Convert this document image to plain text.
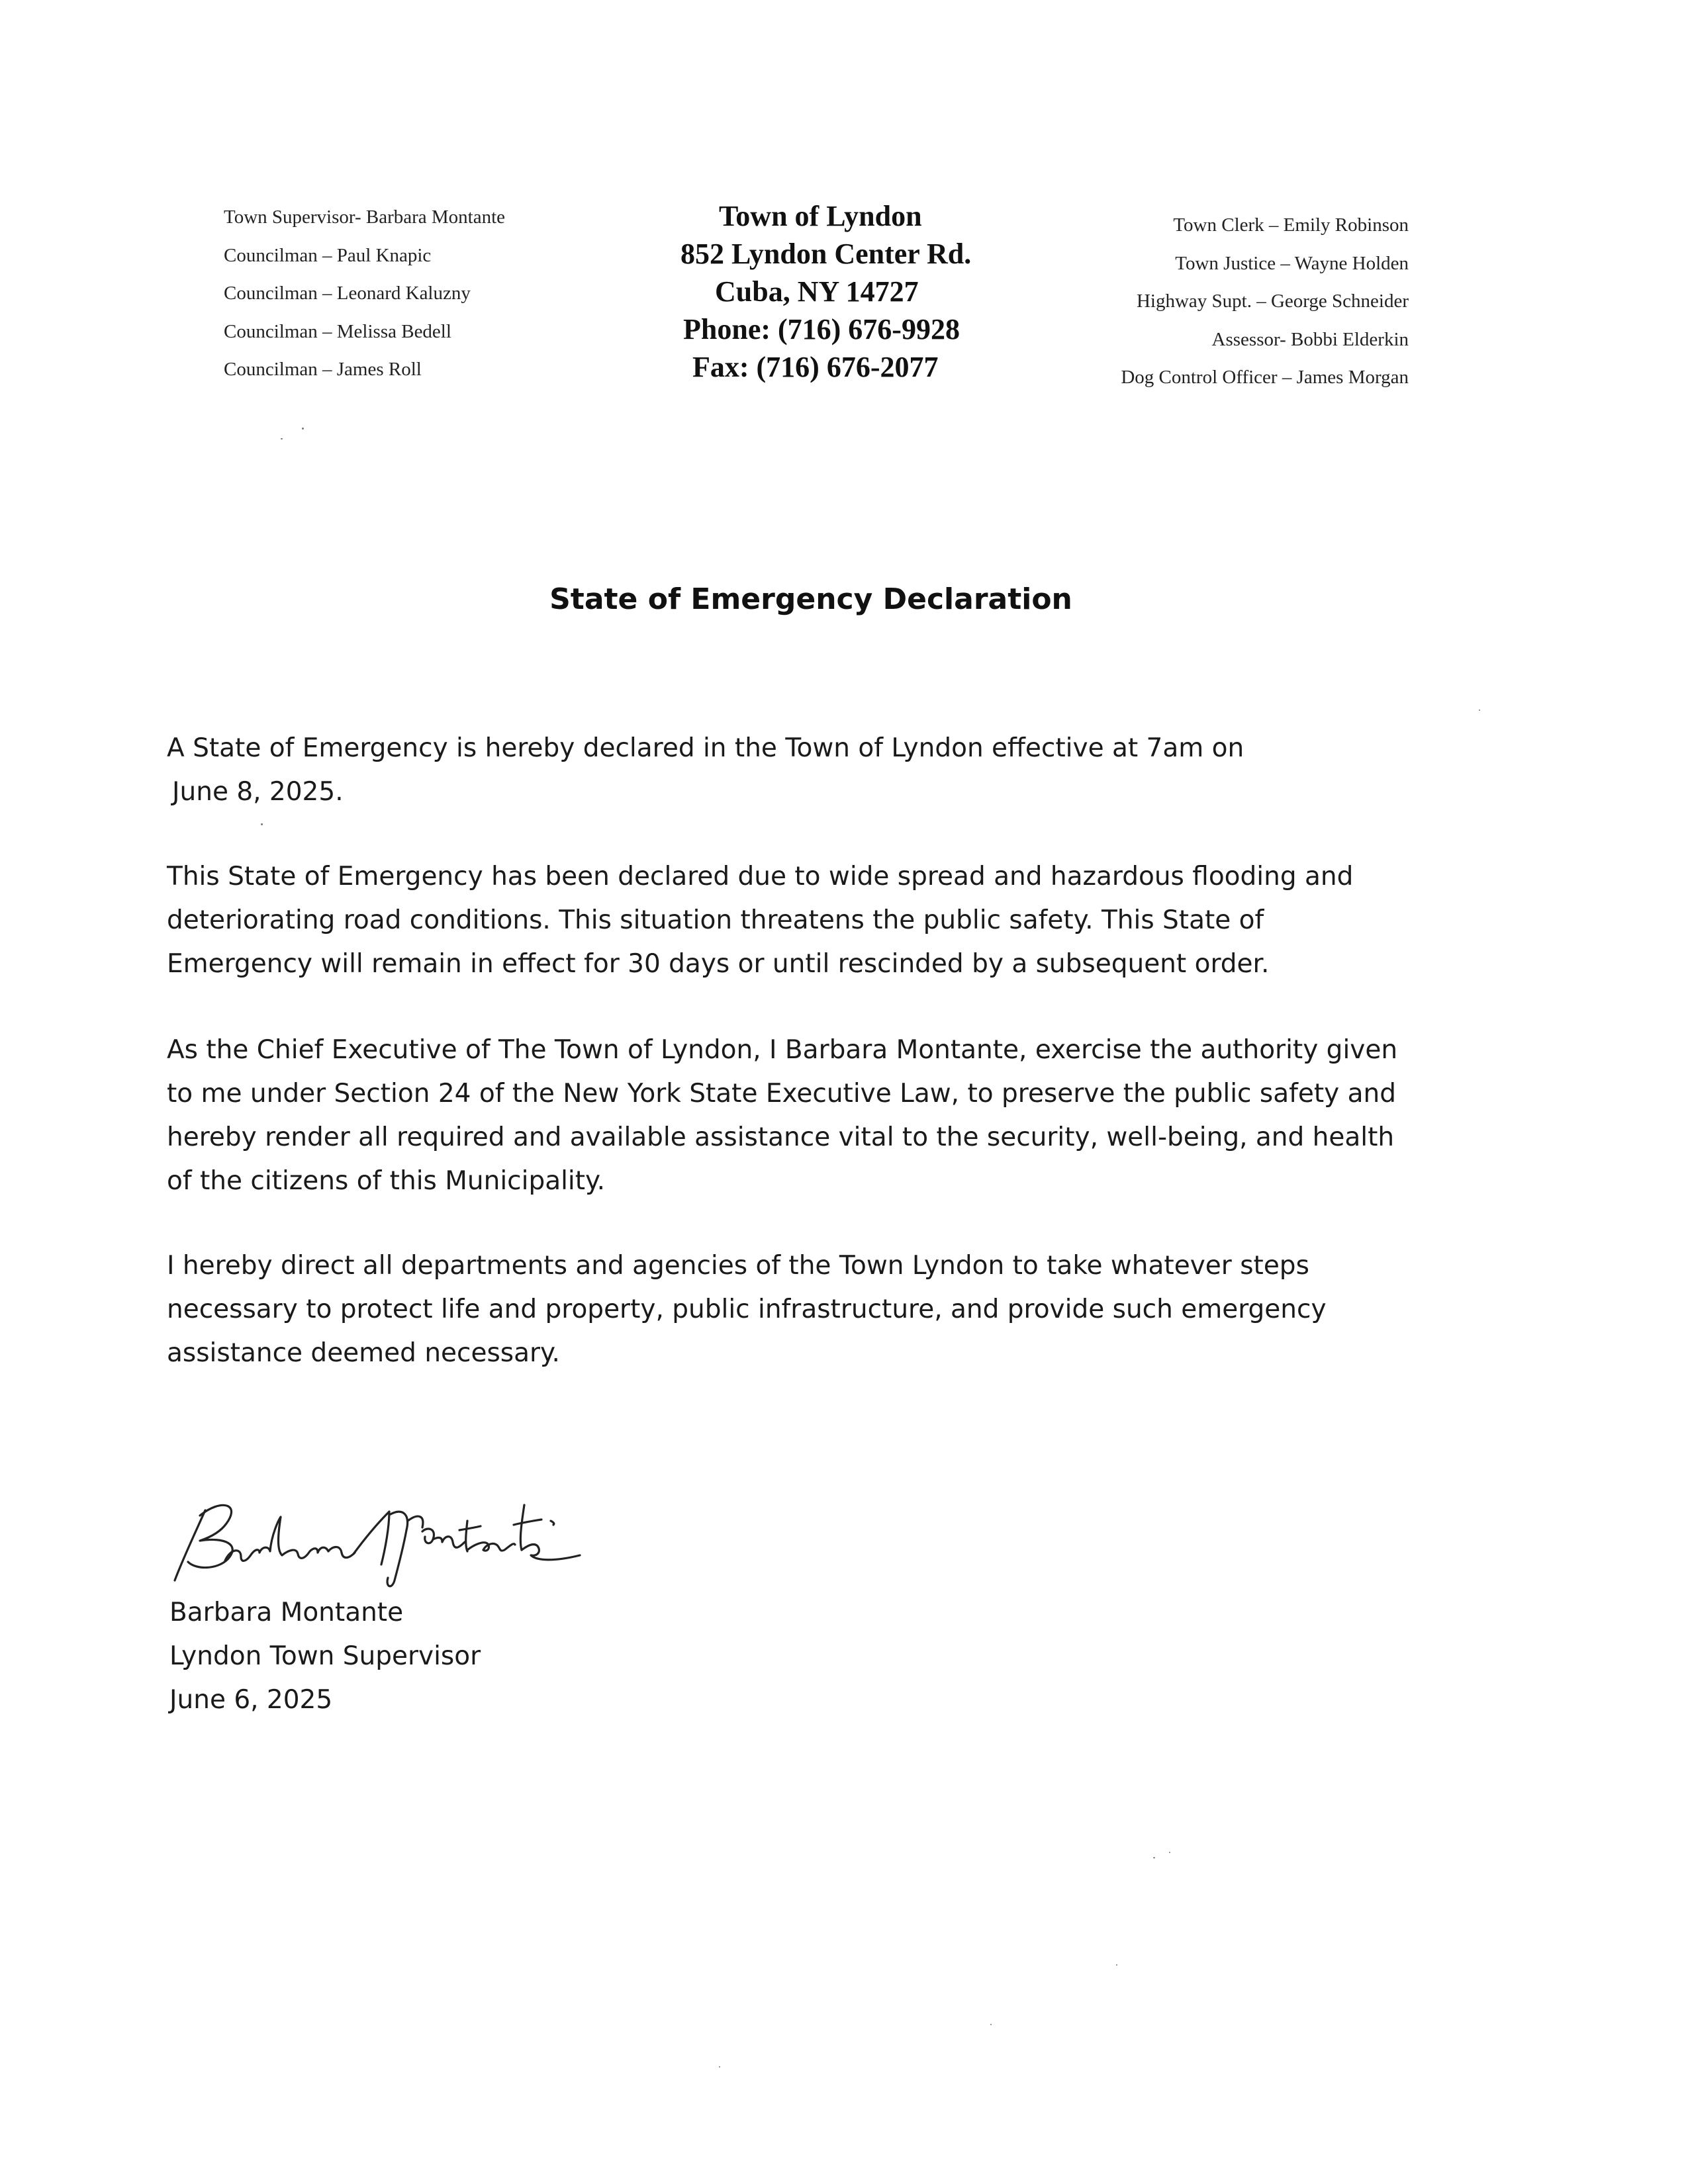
Town Supervisor- Barbara Montante
Councilman – Paul Knapic
Councilman – Leonard Kaluzny
Councilman – Melissa Bedell
Councilman – James Roll
Town of Lyndon
852 Lyndon Center Rd.
Cuba, NY 14727
Phone: (716) 676-9928
Fax: (716) 676-2077
Town Clerk – Emily Robinson
Town Justice – Wayne Holden
Highway Supt. – George Schneider
Assessor- Bobbi Elderkin
Dog Control Officer – James Morgan
State of Emergency Declaration
A State of Emergency is hereby declared in the Town of Lyndon effective at 7am on
June 8, 2025.
This State of Emergency has been declared due to wide spread and hazardous flooding and
deteriorating road conditions. This situation threatens the public safety. This State of
Emergency will remain in effect for 30 days or until rescinded by a subsequent order.
As the Chief Executive of The Town of Lyndon, I Barbara Montante, exercise the authority given
to me under Section 24 of the New York State Executive Law, to preserve the public safety and
hereby render all required and available assistance vital to the security, well-being, and health
of the citizens of this Municipality.
I hereby direct all departments and agencies of the Town Lyndon to take whatever steps
necessary to protect life and property, public infrastructure, and provide such emergency
assistance deemed necessary.
Barbara Montante
Lyndon Town Supervisor
June 6, 2025
